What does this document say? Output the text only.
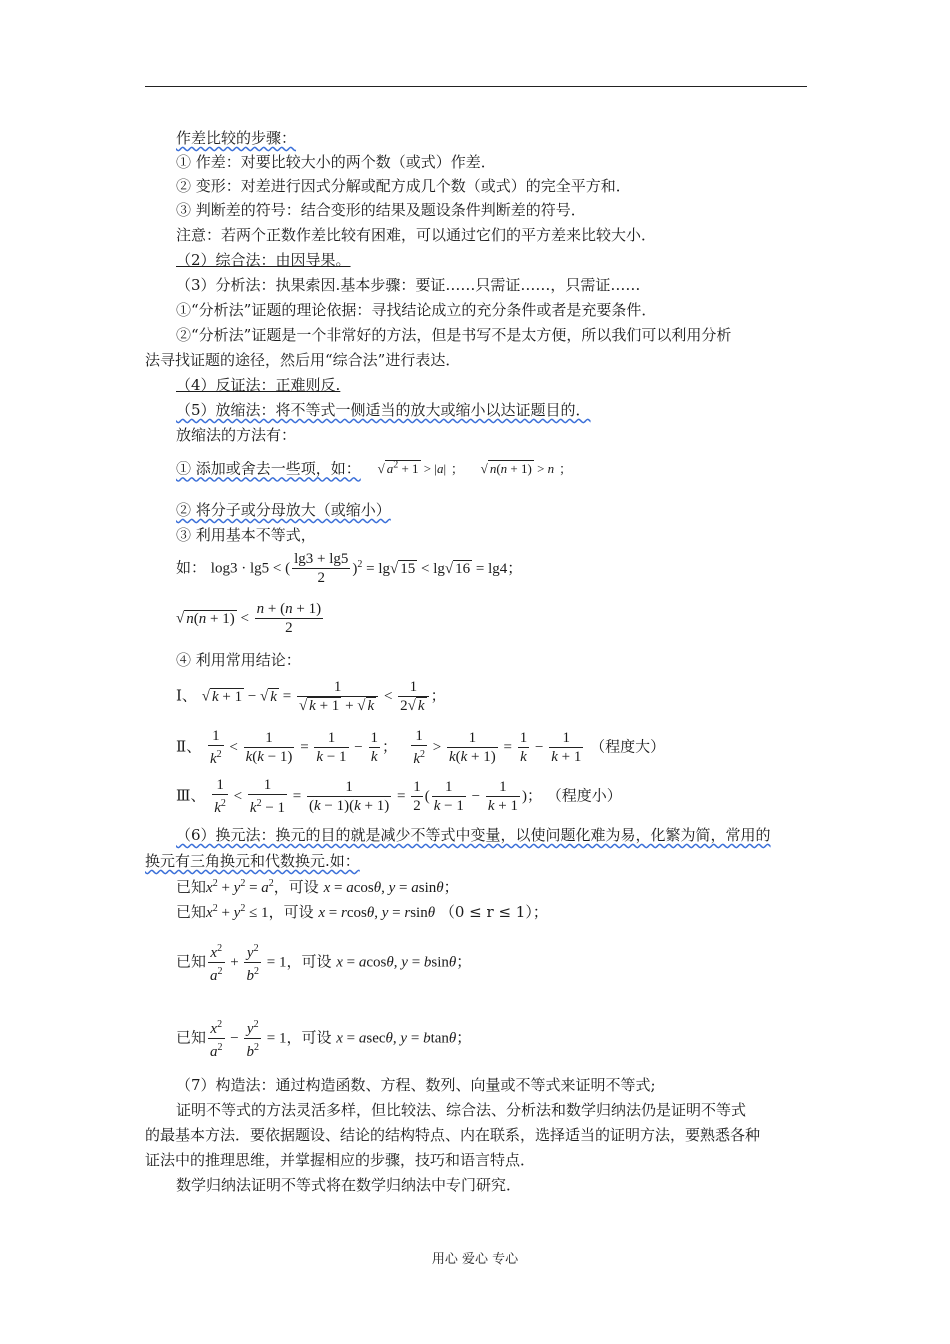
作差比较的步骤：
① 作差：对要比较大小的两个数（或式）作差．
② 变形：对差进行因式分解或配方成几个数（或式）的完全平方和．
③ 判断差的符号：结合变形的结果及题设条件判断差的符号．
注意：若两个正数作差比较有困难，可以通过它们的平方差来比较大小．
（2）综合法：由因导果。
（3）分析法：执果索因.基本步骤：要证……只需证……，只需证……
①“分析法”证题的理论依据：寻找结论成立的充分条件或者是充要条件．
②“分析法”证题是一个非常好的方法，但是书写不是太方便，所以我们可以利用分析
法寻找证题的途径，然后用“综合法”进行表达．
（4）反证法：正难则反.
（5）放缩法：将不等式一侧适当的放大或缩小以达证题目的．
放缩法的方法有：
① 添加或舍去一些项，如： √ $a^2 + 1 > |a|$ ； √ n(n + 1) > n ；
② 将分子或分母放大（或缩小）
③ 利用基本不等式，
如： log3 · lg5 < ( $\frac{\lg 3 + \lg 5}{2} )^2 = \lg√$ 15 < lg√ 16 = lg4；
√ $n(n + 1) < \frac{n + (n + 1)}{2}$
④ 利用常用结论：
Ⅰ、 √ k + 1 − √ $k = \frac{1}{√ k + 1 + √ k} < \frac{1}{2√ k}$ ；
Ⅱ、 $\frac{1}{k^2} < \frac{1}{k(k - 1)} = \frac{1}{k - 1} - \frac{1}{k}$ ； $\frac{1}{k^2} > \frac{1}{k(k + 1)} = \frac{1}{k} - \frac{1}{k + 1}$ （程度大）
Ⅲ、 $\frac{1}{k^2} < \frac{1}{k^2 - 1} = \frac{1}{(k - 1)(k + 1)} = \frac{1}{2}$ ( $\frac{1}{k - 1} - \frac{1}{k + 1}$ )； （程度小）
（6）换元法：换元的目的就是减少不等式中变量，以使问题化难为易，化繁为简，常用的
换元有三角换元和代数换元.如：
已知$x^2 + y^2 = a^2$，可设 x = acosθ, y = asinθ；
已知$x^2 + y^2 \le 1$，可设 x = rcosθ, y = rsinθ （0 ≤ r ≤ 1）；
已知 $\frac{x^2}{a^2} + \frac{y^2}{b^2} = 1$，可设 x = acosθ, y = bsinθ；
已知 $\frac{x^2}{a^2} - \frac{y^2}{b^2} = 1$，可设 x = asecθ, y = btanθ；
（7）构造法：通过构造函数、方程、数列、向量或不等式来证明不等式;
证明不等式的方法灵活多样，但比较法、综合法、分析法和数学归纳法仍是证明不等式
的最基本方法．要依据题设、结论的结构特点、内在联系，选择适当的证明方法，要熟悉各种
证法中的推理思维，并掌握相应的步骤，技巧和语言特点．
数学归纳法证明不等式将在数学归纳法中专门研究．
用心 爱心 专心
